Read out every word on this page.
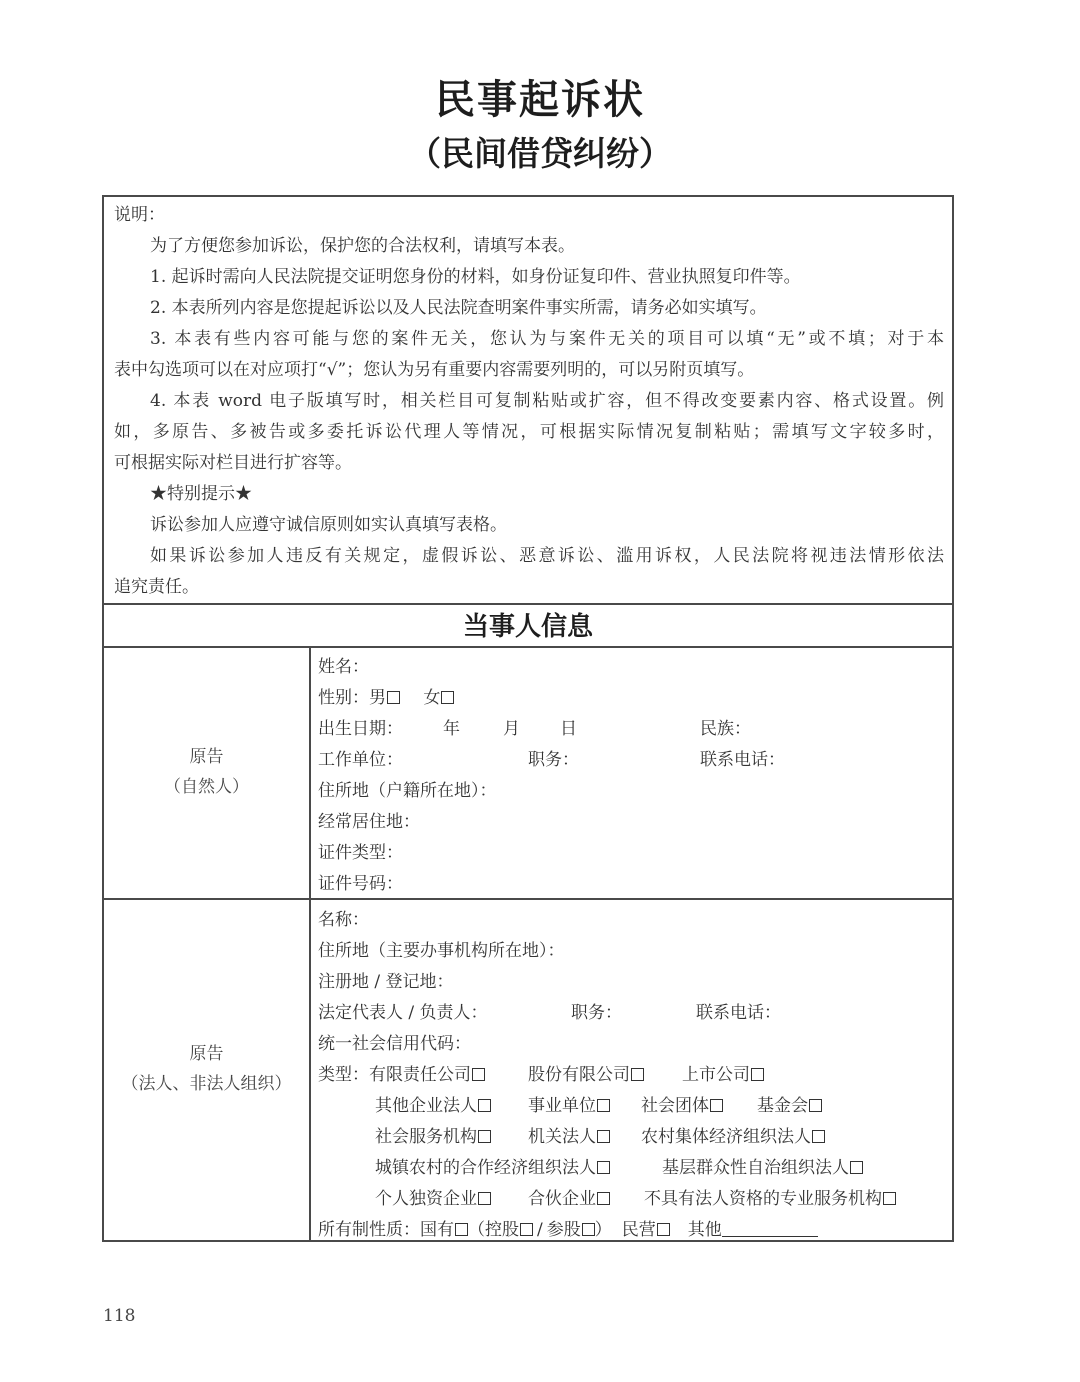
民事起诉状
（民间借贷纠纷）
说明：
为了方便您参加诉讼，保护您的合法权利，请填写本表。
1. 起诉时需向人民法院提交证明您身份的材料，如身份证复印件、营业执照复印件等。
2. 本表所列内容是您提起诉讼以及人民法院查明案件事实所需，请务必如实填写。
3. 本表有些内容可能与您的案件无关，您认为与案件无关的项目可以填“无”或不填；对于本
表中勾选项可以在对应项打“√”；您认为另有重要内容需要列明的，可以另附页填写。
4. 本表 word 电子版填写时，相关栏目可复制粘贴或扩容，但不得改变要素内容、格式设置。例
如，多原告、多被告或多委托诉讼代理人等情况，可根据实际情况复制粘贴；需填写文字较多时，
可根据实际对栏目进行扩容等。
★特别提示★
诉讼参加人应遵守诚信原则如实认真填写表格。
如果诉讼参加人违反有关规定，虚假诉讼、恶意诉讼、滥用诉权，人民法院将视违法情形依法
追究责任。
当事人信息
原告
（自然人）
姓名：
性别：男 女
出生日期： 年	月 日	民族：
工作单位：	职务：	联系电话：
住所地（户籍所在地）：
经常居住地：
证件类型：
证件号码：
原告
（法人、非法人组织）
名称：
住所地（主要办事机构所在地）：
注册地 / 登记地：
法定代表人 / 负责人：	职务：	联系电话：
统一社会信用代码：
类型：有限责任公司	股份有限公司	上市公司
其他企业法人	事业单位	社会团体	基金会
社会服务机构	机关法人	农村集体经济组织法人
城镇农村的合作经济组织法人	基层群众性自治组织法人
个人独资企业	合伙企业	不具有法人资格的专业服务机构
所有制性质：国有 （控股 / 参股 ） 民营 其他
118
